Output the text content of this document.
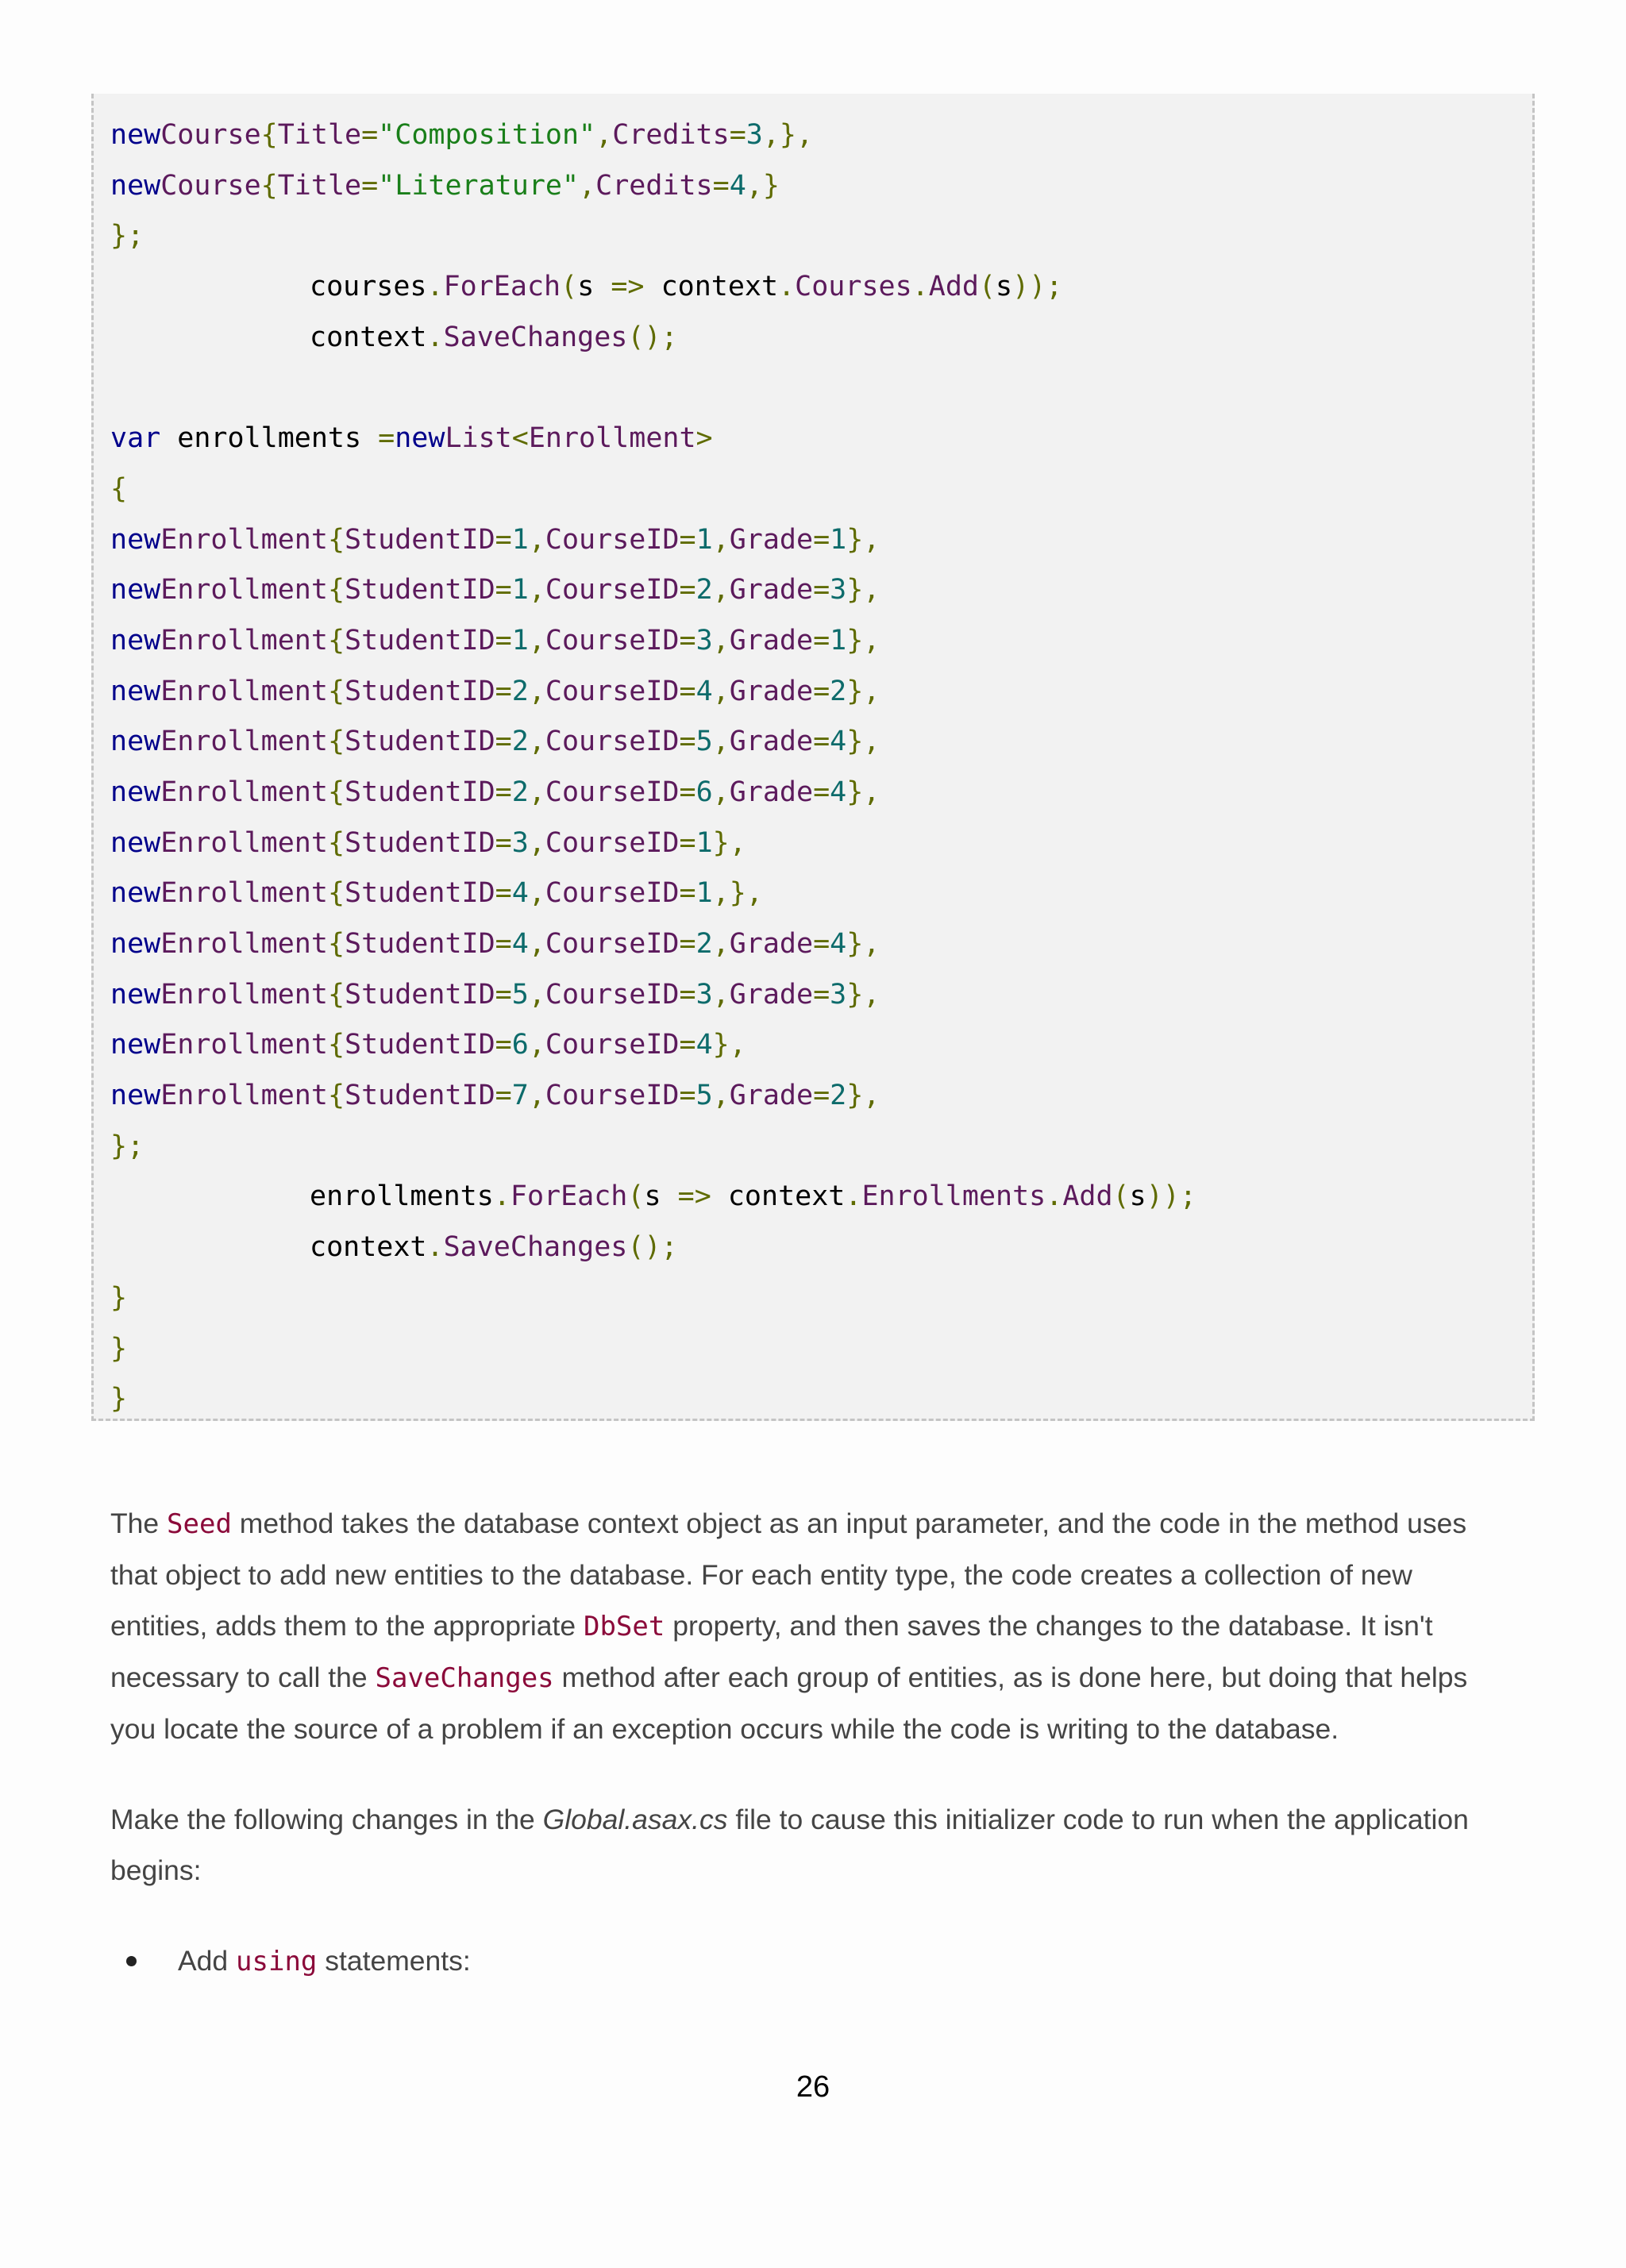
newCourse{Title="Composition",Credits=3,},
newCourse{Title="Literature",Credits=4,}
};
courses.ForEach(s => context.Courses.Add(s));
context.SaveChanges();

var enrollments =newList<Enrollment>
{
newEnrollment{StudentID=1,CourseID=1,Grade=1},
newEnrollment{StudentID=1,CourseID=2,Grade=3},
newEnrollment{StudentID=1,CourseID=3,Grade=1},
newEnrollment{StudentID=2,CourseID=4,Grade=2},
newEnrollment{StudentID=2,CourseID=5,Grade=4},
newEnrollment{StudentID=2,CourseID=6,Grade=4},
newEnrollment{StudentID=3,CourseID=1},
newEnrollment{StudentID=4,CourseID=1,},
newEnrollment{StudentID=4,CourseID=2,Grade=4},
newEnrollment{StudentID=5,CourseID=3,Grade=3},
newEnrollment{StudentID=6,CourseID=4},
newEnrollment{StudentID=7,CourseID=5,Grade=2},
};
enrollments.ForEach(s => context.Enrollments.Add(s));
context.SaveChanges();
}
}
}

The Seed method takes the database context object as an input parameter, and the code in the method uses that object to add new entities to the database. For each entity type, the code creates a collection of new entities, adds them to the appropriate DbSet property, and then saves the changes to the database. It isn't necessary to call the SaveChanges method after each group of entities, as is done here, but doing that helps you locate the source of a problem if an exception occurs while the code is writing to the database.

Make the following changes in the Global.asax.cs file to cause this initializer code to run when the application begins:

Add using statements:
26
